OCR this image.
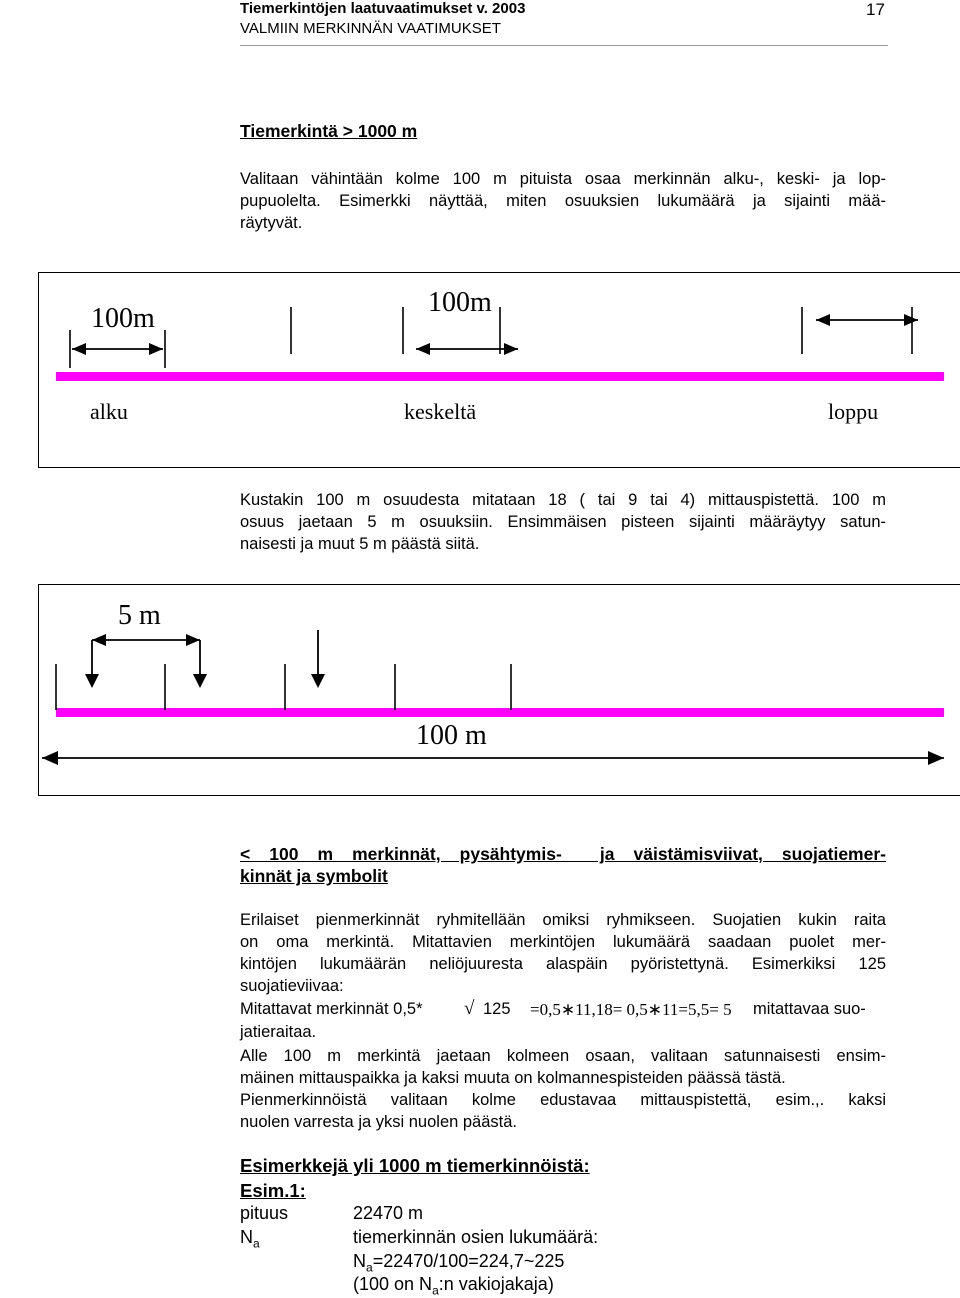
Tiemerkintöjen laatuvaatimukset v. 2003
VALMIIN MERKINNÄN VAATIMUKSET
17
Tiemerkintä > 1000 m
Valitaan vähintään kolme 100 m pituista osaa merkinnän alku-, keski- ja lop-
pupuolelta. Esimerkki näyttää, miten osuuksien lukumäärä ja sijainti mää-
räytyvät.
100m
100m
alku	keskeltä	loppu
Kustakin 100 m osuudesta mitataan 18 ( tai 9 tai 4) mittauspistettä. 100 m
osuus jaetaan 5 m osuuksiin. Ensimmäisen pisteen sijainti määräytyy satun-
naisesti ja muut 5 m päästä siitä.
5 m
100 m
< 100 m merkinnät, pysähtymis-  ja väistämisviivat, suojatiemer-
kinnät ja symbolit
Erilaiset pienmerkinnät ryhmitellään omiksi ryhmikseen. Suojatien kukin raita
on oma merkintä. Mitattavien merkintöjen lukumäärä saadaan puolet mer-
kintöjen lukumäärän neliöjuuresta alaspäin pyöristettynä. Esimerkiksi 125
suojatieviivaa:
Mitattavat merkinnät 0,5* √ 125 =0,5∗11,18= 0,5∗11=5,5= 5 mitattavaa suo-
jatieraitaa.
Alle 100 m merkintä jaetaan kolmeen osaan, valitaan satunnaisesti ensim-
mäinen mittauspaikka ja kaksi muuta on kolmannespisteiden päässä tästä.
Pienmerkinnöistä valitaan kolme edustavaa mittauspistettä, esim.,. kaksi
nuolen varresta ja yksi nuolen päästä.
Esimerkkejä yli 1000 m tiemerkinnöistä:
Esim.1:
pituus	22470 m
$N_a$	tiemerkinnän osien lukumäärä:
$N_a=22470/100=224,7\sim 225$
(100 on $N_a:n$ vakiojakaja)
